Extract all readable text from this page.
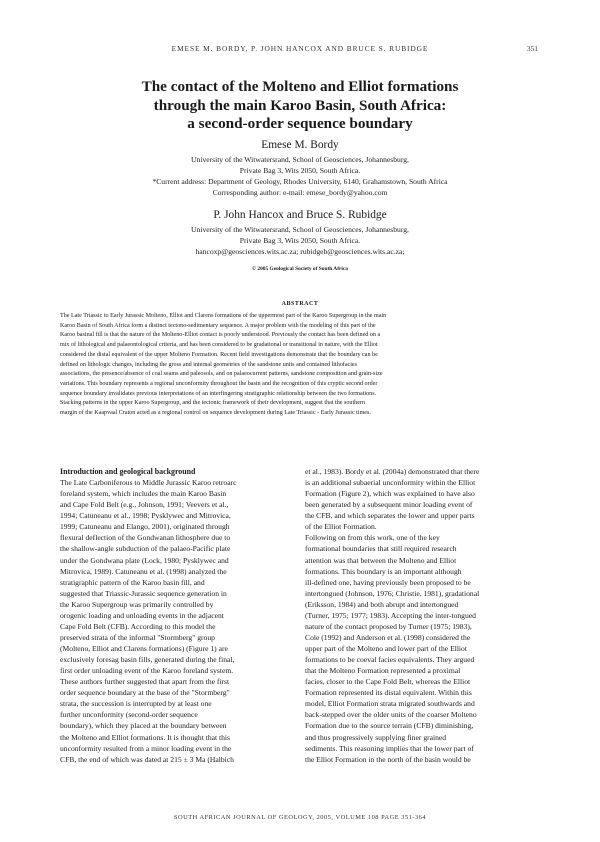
EMESE M. BORDY, P. JOHN HANCOX AND BRUCE S. RUBIDGE	351
The contact of the Molteno and Elliot formations
through the main Karoo Basin, South Africa:
a second-order sequence boundary

Emese M. Bordy

University of the Witwatersrand, School of Geosciences, Johannesburg,
Private Bag 3, Wits 2050, South Africa.
*Current address: Department of Geology, Rhodes University, 6140, Grahamstown, South Africa
Corresponding author: e-mail: emese_bordy@yahoo.com

P. John Hancox and Bruce S. Rubidge

University of the Witwatersrand, School of Geosciences, Johannesburg,
Private Bag 3, Wits 2050, South Africa.
hancoxp@geosciences.wits.ac.za; rubidgeb@geosciences.wits.ac.za;

© 2005 Geological Society of South Africa
ABSTRACT

The Late Triassic to Early Jurassic Molteno, Elliot and Clarens formations of the uppermost part of the Karoo Supergroup in the main
Karoo Basin of South Africa form a distinct tectono-sedimentary sequence. A major problem with the modeling of this part of the
Karoo basinal fill is that the nature of the Molteno-Elliot contact is poorly understood. Previously the contact has been defined on a
mix of lithological and palaeontological criteria, and has been considered to be gradational or transitional in nature, with the Elliot
considered the distal equivalent of the upper Molteno Formation. Recent field investigations demonstrate that the boundary can be
defined on lithologic changes, including the gross and internal geometries of the sandstone units and contained lithofacies
associations, the presence/absence of coal seams and paleosols, and on palaeocurrent patterns, sandstone composition and grain-size
variations. This boundary represents a regional unconformity throughout the basin and the recognition of this cryptic second order
sequence boundary invalidates previous interpretations of an interfingering stratigraphic relationship between the two formations.
Stacking patterns in the upper Karoo Supergroup, and the tectonic framework of their development, suggest that the southern
margin of the Kaapvaal Craton acted as a regional control on sequence development during Late Triassic - Early Jurassic times.

Introduction and geological background
The Late Carboniferous to Middle Jurassic Karoo retroarc
foreland system, which includes the main Karoo Basin
and Cape Fold Belt (e.g., Johnson, 1991; Veevers et al.,
1994; Catuneanu et al., 1998; Pysklywec and Mitrovica,
1999; Catuneanu and Elango, 2001), originated through
flexural deflection of the Gondwanan lithosphere due to
the shallow-angle subduction of the palaeo-Pacific plate
under the Gondwana plate (Lock, 1980; Pysklywec and
Mitrovica, 1989). Catuneanu et al. (1998) analyzed the
stratigraphic pattern of the Karoo basin fill, and
suggested that Triassic-Jurassic sequence generation in
the Karoo Supergroup was primarily controlled by
orogenic loading and unloading events in the adjacent
Cape Fold Belt (CFB). According to this model the
preserved strata of the informal "Stormberg" group
(Molteno, Elliot and Clarens formations) (Figure 1) are
exclusively foresag basin fills, generated during the final,
first order unloading event of the Karoo foreland system.
These authors further suggested that apart from the first
order sequence boundary at the base of the "Stormberg"
strata, the succession is interrupted by at least one
further unconformity (second-order sequence
boundary), which they placed at the boundary between
the Molteno and Elliot formations. It is thought that this
unconformity resulted from a minor loading event in the
CFB, the end of which was dated at 215 ± 3 Ma (Halbich
et al., 1983). Bordy et al. (2004a) demonstrated that there
is an additional subaerial unconformity within the Elliot
Formation (Figure 2), which was explained to have also
been generated by a subsequent minor loading event of
the CFB, and which separates the lower and upper parts
of the Elliot Formation.
Following on from this work, one of the key
formational boundaries that still required research
attention was that between the Molteno and Elliot
formations. This boundary is an important although
ill-defined one, having previously been proposed to be
intertongued (Johnson, 1976; Christie, 1981), gradational
(Eriksson, 1984) and both abrupt and intertongued
(Turner, 1975; 1977; 1983). Accepting the inter-tongued
nature of the contact proposed by Turner (1975; 1983),
Cole (1992) and Anderson et al. (1998) considered the
upper part of the Molteno and lower part of the Elliot
formations to be coeval facies equivalents. They argued
that the Molteno Formation represented a proximal
facies, closer to the Cape Fold Belt, whereas the Elliot
Formation represented its distal equivalent. Within this
model, Elliot Formation strata migrated southwards and
back-stepped over the older units of the coarser Molteno
Formation due to the source terrain (CFB) diminishing,
and thus progressively supplying finer grained
sediments. This reasoning implies that the lower part of
the Elliot Formation in the north of the basin would be
SOUTH AFRICAN JOURNAL OF GEOLOGY, 2005, VOLUME 108 PAGE 351-364
